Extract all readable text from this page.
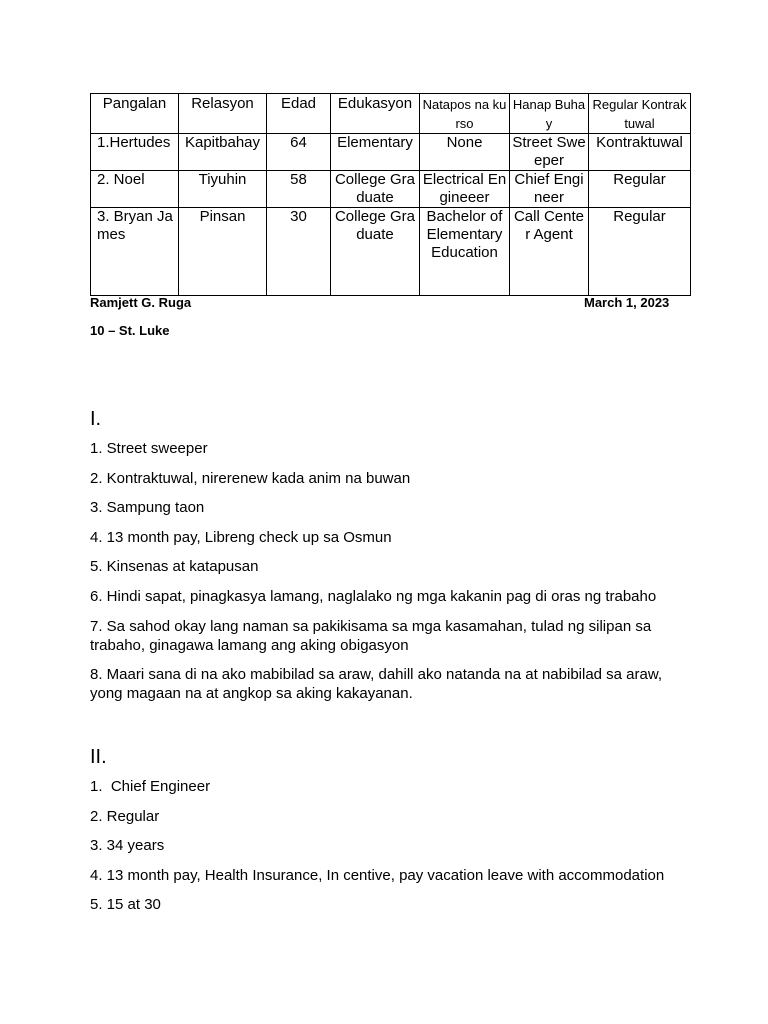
Pangalan	Relasyon	Edad	Edukasyon	Natapos na kurso	Hanap Buhay	Regular Kontraktuwal
1.Hertudes	Kapitbahay	64	Elementary	None	Street Sweeper	Kontraktuwal
2. Noel	Tiyuhin	58	College Graduate	Electrical Engineeer	Chief Engineer	Regular
3. Bryan James	Pinsan	30	College Graduate	Bachelor of Elementary Education	Call Center Agent	Regular
Ramjett G. Ruga	March 1, 2023
10 – St. Luke
I.
1. Street sweeper
2. Kontraktuwal, nirerenew kada anim na buwan
3. Sampung taon
4. 13 month pay, Libreng check up sa Osmun
5. Kinsenas at katapusan
6. Hindi sapat, pinagkasya lamang, naglalako ng mga kakanin pag di oras ng trabaho
7. Sa sahod okay lang naman sa pakikisama sa mga kasamahan, tulad ng silipan sa trabaho, ginagawa lamang ang aking obigasyon
8. Maari sana di na ako mabibilad sa araw, dahill ako natanda na at nabibilad sa araw, yong magaan na at angkop sa aking kakayanan.
II.
1.  Chief Engineer
2. Regular
3. 34 years
4. 13 month pay, Health Insurance, In centive, pay vacation leave with accommodation
5. 15 at 30
